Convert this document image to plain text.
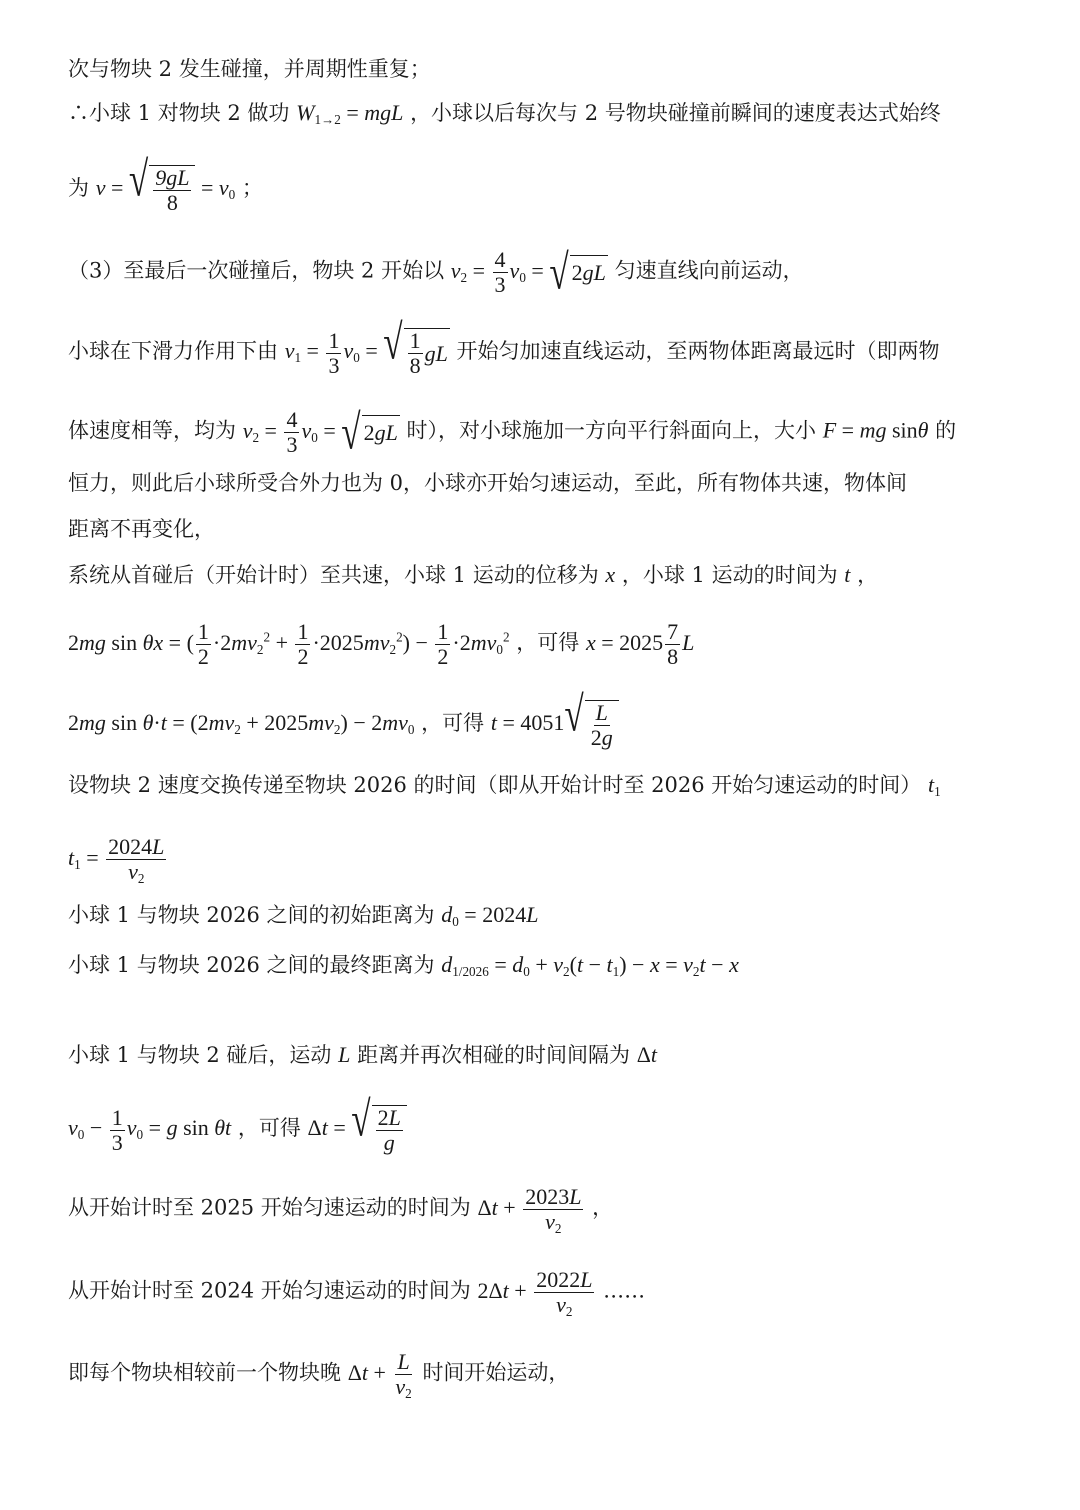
次与物块 2 发生碰撞，并周期性重复；
∴小球 1 对物块 2 做功 $W_{1\to 2}$ = mgL ，小球以后每次与 2 号物块碰撞前瞬间的速度表达式始终
为 v = √ $\frac{9gL}{8} = v_0$ ；
（3）至最后一次碰撞后，物块 2 开始以 $v_2 = \frac{4}{3} v_0$ = √ 2 gL 匀速直线向前运动，
小球在下滑力作用下由 $v_1 = \frac{1}{3} v_0$ = √ $\frac{1}{8}$ gL 开始匀加速直线运动，至两物体距离最远时（即两物
体速度相等，均为 $v_2 = \frac{4}{3} v_0$ = √ 2 gL 时），对小球施加一方向平行斜面向上，大小 F = mg sinθ 的
恒力，则此后小球所受合外力也为 0，小球亦开始匀速运动，至此，所有物体共速，物体间
距离不再变化，
系统从首碰后（开始计时）至共速，小球 1 运动的位移为 x ，小球 1 运动的时间为 t ，
2mg sin θx = ( $\frac{1}{2} \cdot 2mv_2^2 + \frac{1}{2} \cdot 2025mv_2^2) - \frac{1}{2} \cdot 2mv_0^2$ ，可得 $x = 2025 \frac{7}{8}$ L
2mg $\sin \theta\cdot t = (2mv_2 + 2025mv_2) - 2mv_0$ ，可得 t = 4051 √ $\frac{L}{2g}$
设物块 2 速度交换传递至物块 2026 的时间（即从开始计时至 2026 开始匀速运动的时间） $t_1$
$t_1 = \frac{2024L}{v_2}$
小球 1 与物块 2026 之间的初始距离为 $d_0 = 2024L$
小球 1 与物块 2026 之间的最终距离为 $d_{1/2026} = d_0 + v_2(t - t_1) - x = v_2t - x$
小球 1 与物块 2 碰后，运动 L 距离并再次相碰的时间间隔为 Δt
$v_0 - \frac{1}{3} v_0 = g$ sin θt ，可得 Δt = √ $\frac{2L}{g}$
从开始计时至 2025 开始匀速运动的时间为 $\Delta t + \frac{2023L}{v_2}$ ，
从开始计时至 2024 开始匀速运动的时间为 $2\Delta t + \frac{2022L}{v_2}$ ……
即每个物块相较前一个物块晚 $\Delta t + \frac{L}{v_2}$ 时间开始运动，
